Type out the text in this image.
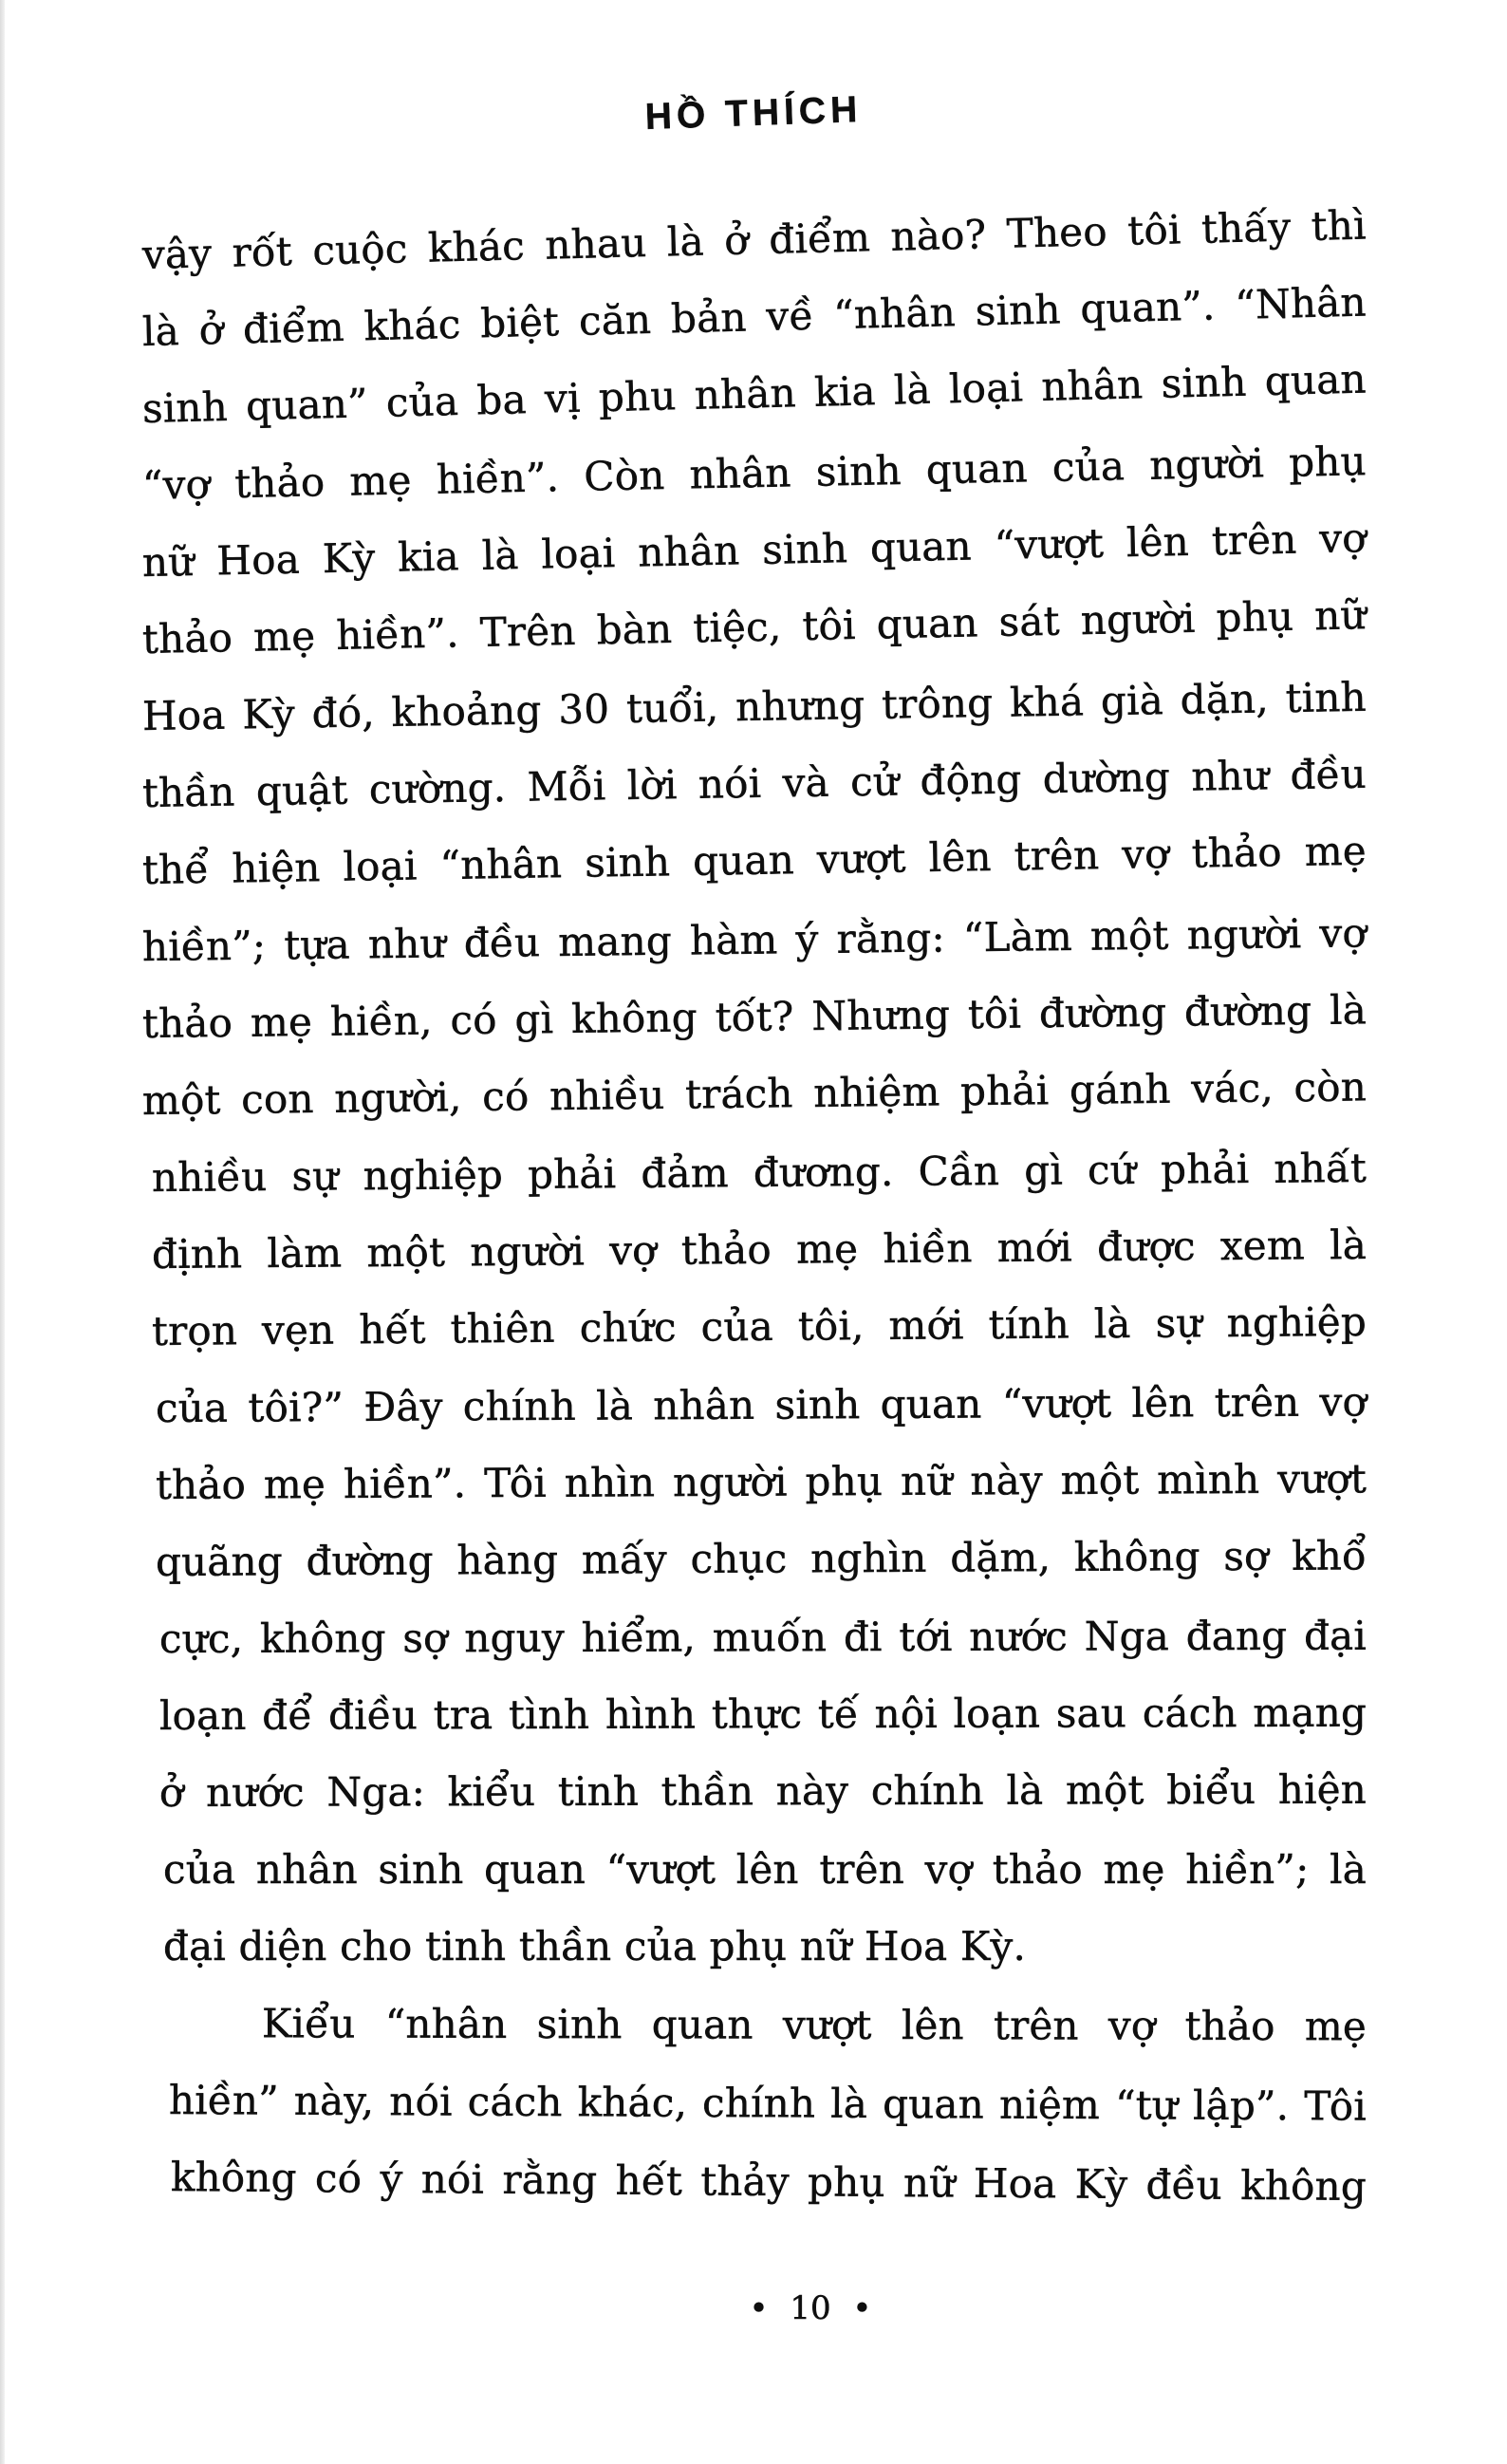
HỒ THÍCH
vậy rốt cuộc khác nhau là ở điểm nào? Theo tôi thấy thì
là ở điểm khác biệt căn bản về “nhân sinh quan”. “Nhân
sinh quan” của ba vị phu nhân kia là loại nhân sinh quan
“vợ thảo mẹ hiền”. Còn nhân sinh quan của người phụ
nữ Hoa Kỳ kia là loại nhân sinh quan “vượt lên trên vợ
thảo mẹ hiền”. Trên bàn tiệc, tôi quan sát người phụ nữ
Hoa Kỳ đó, khoảng 30 tuổi, nhưng trông khá già dặn, tinh
thần quật cường. Mỗi lời nói và cử động dường như đều
thể hiện loại “nhân sinh quan vượt lên trên vợ thảo mẹ
hiền”; tựa như đều mang hàm ý rằng: “Làm một người vợ
thảo mẹ hiền, có gì không tốt? Nhưng tôi đường đường là
một con người, có nhiều trách nhiệm phải gánh vác, còn
nhiều sự nghiệp phải đảm đương. Cần gì cứ phải nhất
định làm một người vợ thảo mẹ hiền mới được xem là
trọn vẹn hết thiên chức của tôi, mới tính là sự nghiệp
của tôi?” Đây chính là nhân sinh quan “vượt lên trên vợ
thảo mẹ hiền”. Tôi nhìn người phụ nữ này một mình vượt
quãng đường hàng mấy chục nghìn dặm, không sợ khổ
cực, không sợ nguy hiểm, muốn đi tới nước Nga đang đại
loạn để điều tra tình hình thực tế nội loạn sau cách mạng
ở nước Nga: kiểu tinh thần này chính là một biểu hiện
của nhân sinh quan “vượt lên trên vợ thảo mẹ hiền”; là
đại diện cho tinh thần của phụ nữ Hoa Kỳ.
Kiểu “nhân sinh quan vượt lên trên vợ thảo mẹ
hiền” này, nói cách khác, chính là quan niệm “tự lập”. Tôi
không có ý nói rằng hết thảy phụ nữ Hoa Kỳ đều không
• 10 •
